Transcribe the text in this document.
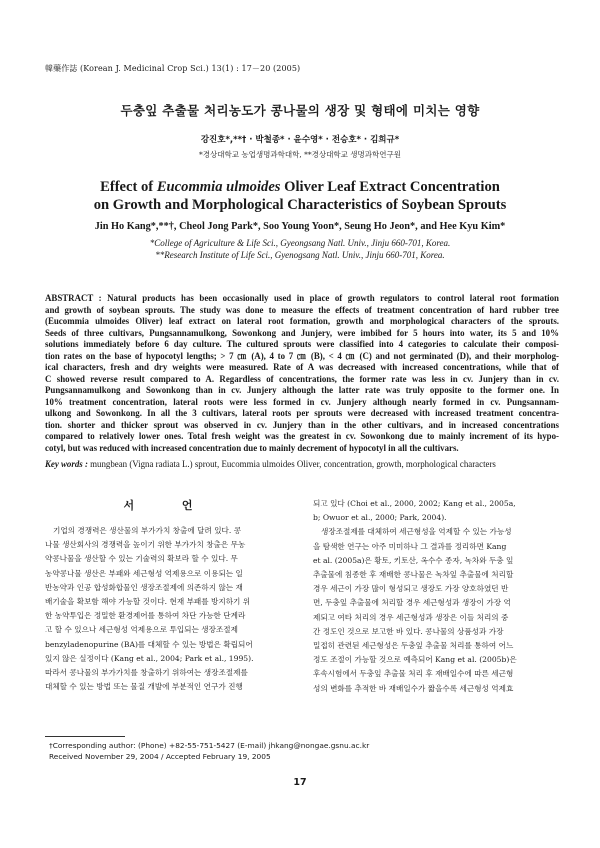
韓藥作誌 (Korean J. Medicinal Crop Sci.) 13(1) : 17－20 (2005)
두충잎 추출물 처리농도가 콩나물의 생장 및 형태에 미치는 영향
강진호*,**† · 박철종* · 윤수영* · 전승호* · 김희규*
*경상대학교 농업생명과학대학, **경상대학교 생명과학연구원
Effect of Eucommia ulmoides Oliver Leaf Extract Concentration
on Growth and Morphological Characteristics of Soybean Sprouts
Jin Ho Kang*,**†, Cheol Jong Park*, Soo Young Yoon*, Seung Ho Jeon*, and Hee Kyu Kim*
*College of Agriculture & Life Sci., Gyeongsang Natl. Univ., Jinju 660-701, Korea.
**Research Institute of Life Sci., Gyenogsang Natl. Univ., Jinju 660-701, Korea.
ABSTRACT : Natural products has been occasionally used in place of growth regulators to control lateral root formation
and growth of soybean sprouts. The study was done to measure the effects of treatment concentration of hard rubber tree
(Eucommia ulmoides Oliver) leaf extract on lateral root formation, growth and morphological characters of the sprouts.
Seeds of three cultivars, Pungsannamulkong, Sowonkong and Junjery, were imbibed for 5 hours into water, its 5 and 10%
solutions immediately before 6 day culture. The cultured sprouts were classified into 4 categories to calculate their composi-
tion rates on the base of hypocotyl lengths; > 7 ㎝ (A), 4 to 7 ㎝ (B), < 4 ㎝ (C) and not germinated (D), and their morpholog-
ical characters, fresh and dry weights were measured. Rate of A was decreased with increased concentrations, while that of
C showed reverse result compared to A. Regardless of concentrations, the former rate was less in cv. Junjery than in cv.
Pungsannamulkong and Sowonkong than in cv. Junjery although the latter rate was truly opposite to the former one. In
10% treatment concentration, lateral roots were less formed in cv. Junjery although nearly formed in cv. Pungsannam-
ulkong and Sowonkong. In all the 3 cultivars, lateral roots per sprouts were decreased with increased treatment concentra-
tion. shorter and thicker sprout was observed in cv. Junjery than in the other cultivars, and in increased concentrations
compared to relatively lower ones. Total fresh weight was the greatest in cv. Sowonkong due to mainly increment of its hypo-
cotyl, but was reduced with increased concentration due to mainly decrement of hypocotyl in all the cultivars.
Key words : mungbean (Vigna radiata L.) sprout, Eucommia ulmoides Oliver, concentration, growth, morphological characters
서 언
기업의 경쟁력은 생산물의 부가가치 창출에 달려 있다. 콩
나물 생산회사의 경쟁력을 높이기 위한 부가가치 창출은 무농
약콩나물을 생산할 수 있는 기술력의 확보라 할 수 있다. 무
농약콩나물 생산은 부패와 세근형성 억제용으로 이용되는 일
반농약과 인공 합성화합물인 생장조절제에 의존하지 않는 재
배기술을 확보함 해야 가능할 것이다. 현재 부패를 방지하기 위
한 농약투입은 정밀한 환경제어를 통하여 차단 가능한 단계라
고 할 수 있으나 세근형성 억제용으로 투입되는 생장조절제
benzyladenopurine (BA)를 대체할 수 있는 방법은 확립되어
있지 않은 실정이다 (Kang et al., 2004; Park et al., 1995).
따라서 콩나물의 부가가치를 창출하기 위하여는 생장조절제를
대체할 수 있는 방법 또는 물질 개발에 부분적인 연구가 진행
되고 있다 (Choi et al., 2000, 2002; Kang et al., 2005a,
b; Owuor et al., 2000; Park, 2004).
생장조절제를 대체하여 세근형성을 억제할 수 있는 가능성
을 탐색한 연구는 아주 미미하나 그 결과를 정리하면 Kang
et al. (2005a)은 황토, 키토산, 옥수수 종자, 녹차와 두충 잎
추출물에 침종한 후 재배한 콩나물은 녹차잎 추출물에 처리할
경우 세근이 가장 많이 형성되고 생장도 가장 양호하였던 반
면, 두충잎 추출물에 처리할 경우 세근형성과 생장이 가장 억
제되고 여타 처리의 경우 세근형성과 생장은 이들 처리의 중
간 정도인 것으로 보고한 바 있다. 콩나물의 상품성과 가장
밀접히 관련된 세근형성은 두충잎 추출물 처리를 통하여 어느
정도 조절이 가능할 것으로 예측되어 Kang et al. (2005b)은
후속시험에서 두충잎 추출물 처리 후 재배일수에 따른 세근형
성의 변화를 추적한 바 재배일수가 짧을수록 세근형성 억제효
†Corresponding author: (Phone) +82-55-751-5427 (E-mail) jhkang@nongae.gsnu.ac.kr
Received November 29, 2004 / Accepted February 19, 2005
17
